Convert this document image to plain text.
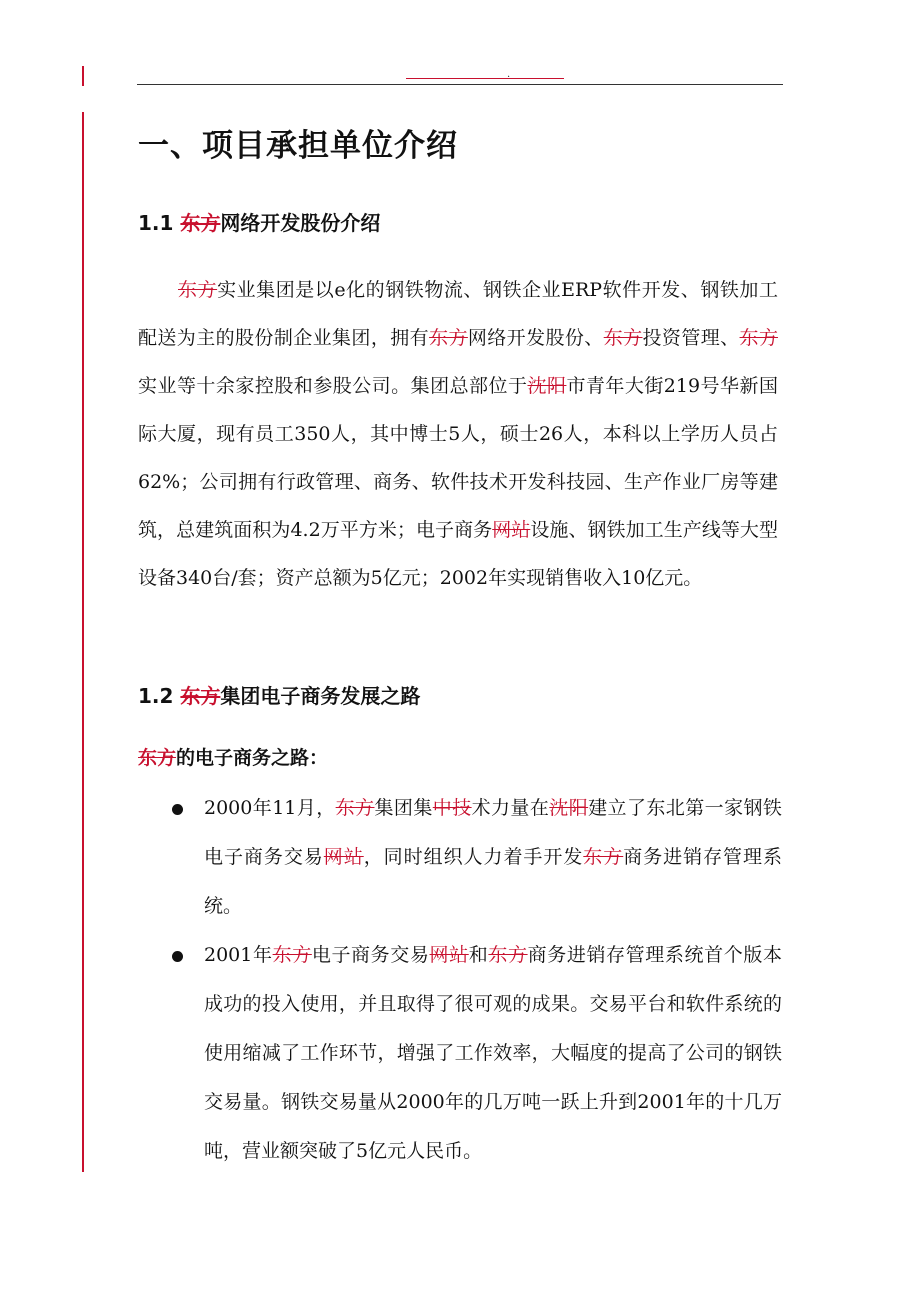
.
一、项目承担单位介绍
1.1 东方网络开发股份介绍

东方实业集团是以e化的钢铁物流、钢铁企业ERP软件开发、钢铁加工配送为主的股份制企业集团，拥有东方网络开发股份、东方投资管理、东方实业等十余家控股和参股公司。集团总部位于沈阳市青年大街219号华新国际大厦，现有员工350人，其中博士5人，硕士26人，本科以上学历人员占62%；公司拥有行政管理、商务、软件技术开发科技园、生产作业厂房等建筑，总建筑面积为4.2万平方米；电子商务网站设施、钢铁加工生产线等大型设备340台/套；资产总额为5亿元；2002年实现销售收入10亿元。

1.2 东方集团电子商务发展之路

东方的电子商务之路：

2000年11月，东方集团集中技术力量在沈阳建立了东北第一家钢铁电子商务交易网站，同时组织人力着手开发东方商务进销存管理系统。
2001年东方电子商务交易网站和东方商务进销存管理系统首个版本成功的投入使用，并且取得了很可观的成果。交易平台和软件系统的使用缩减了工作环节，增强了工作效率，大幅度的提高了公司的钢铁交易量。钢铁交易量从2000年的几万吨一跃上升到2001年的十几万吨，营业额突破了5亿元人民币。
